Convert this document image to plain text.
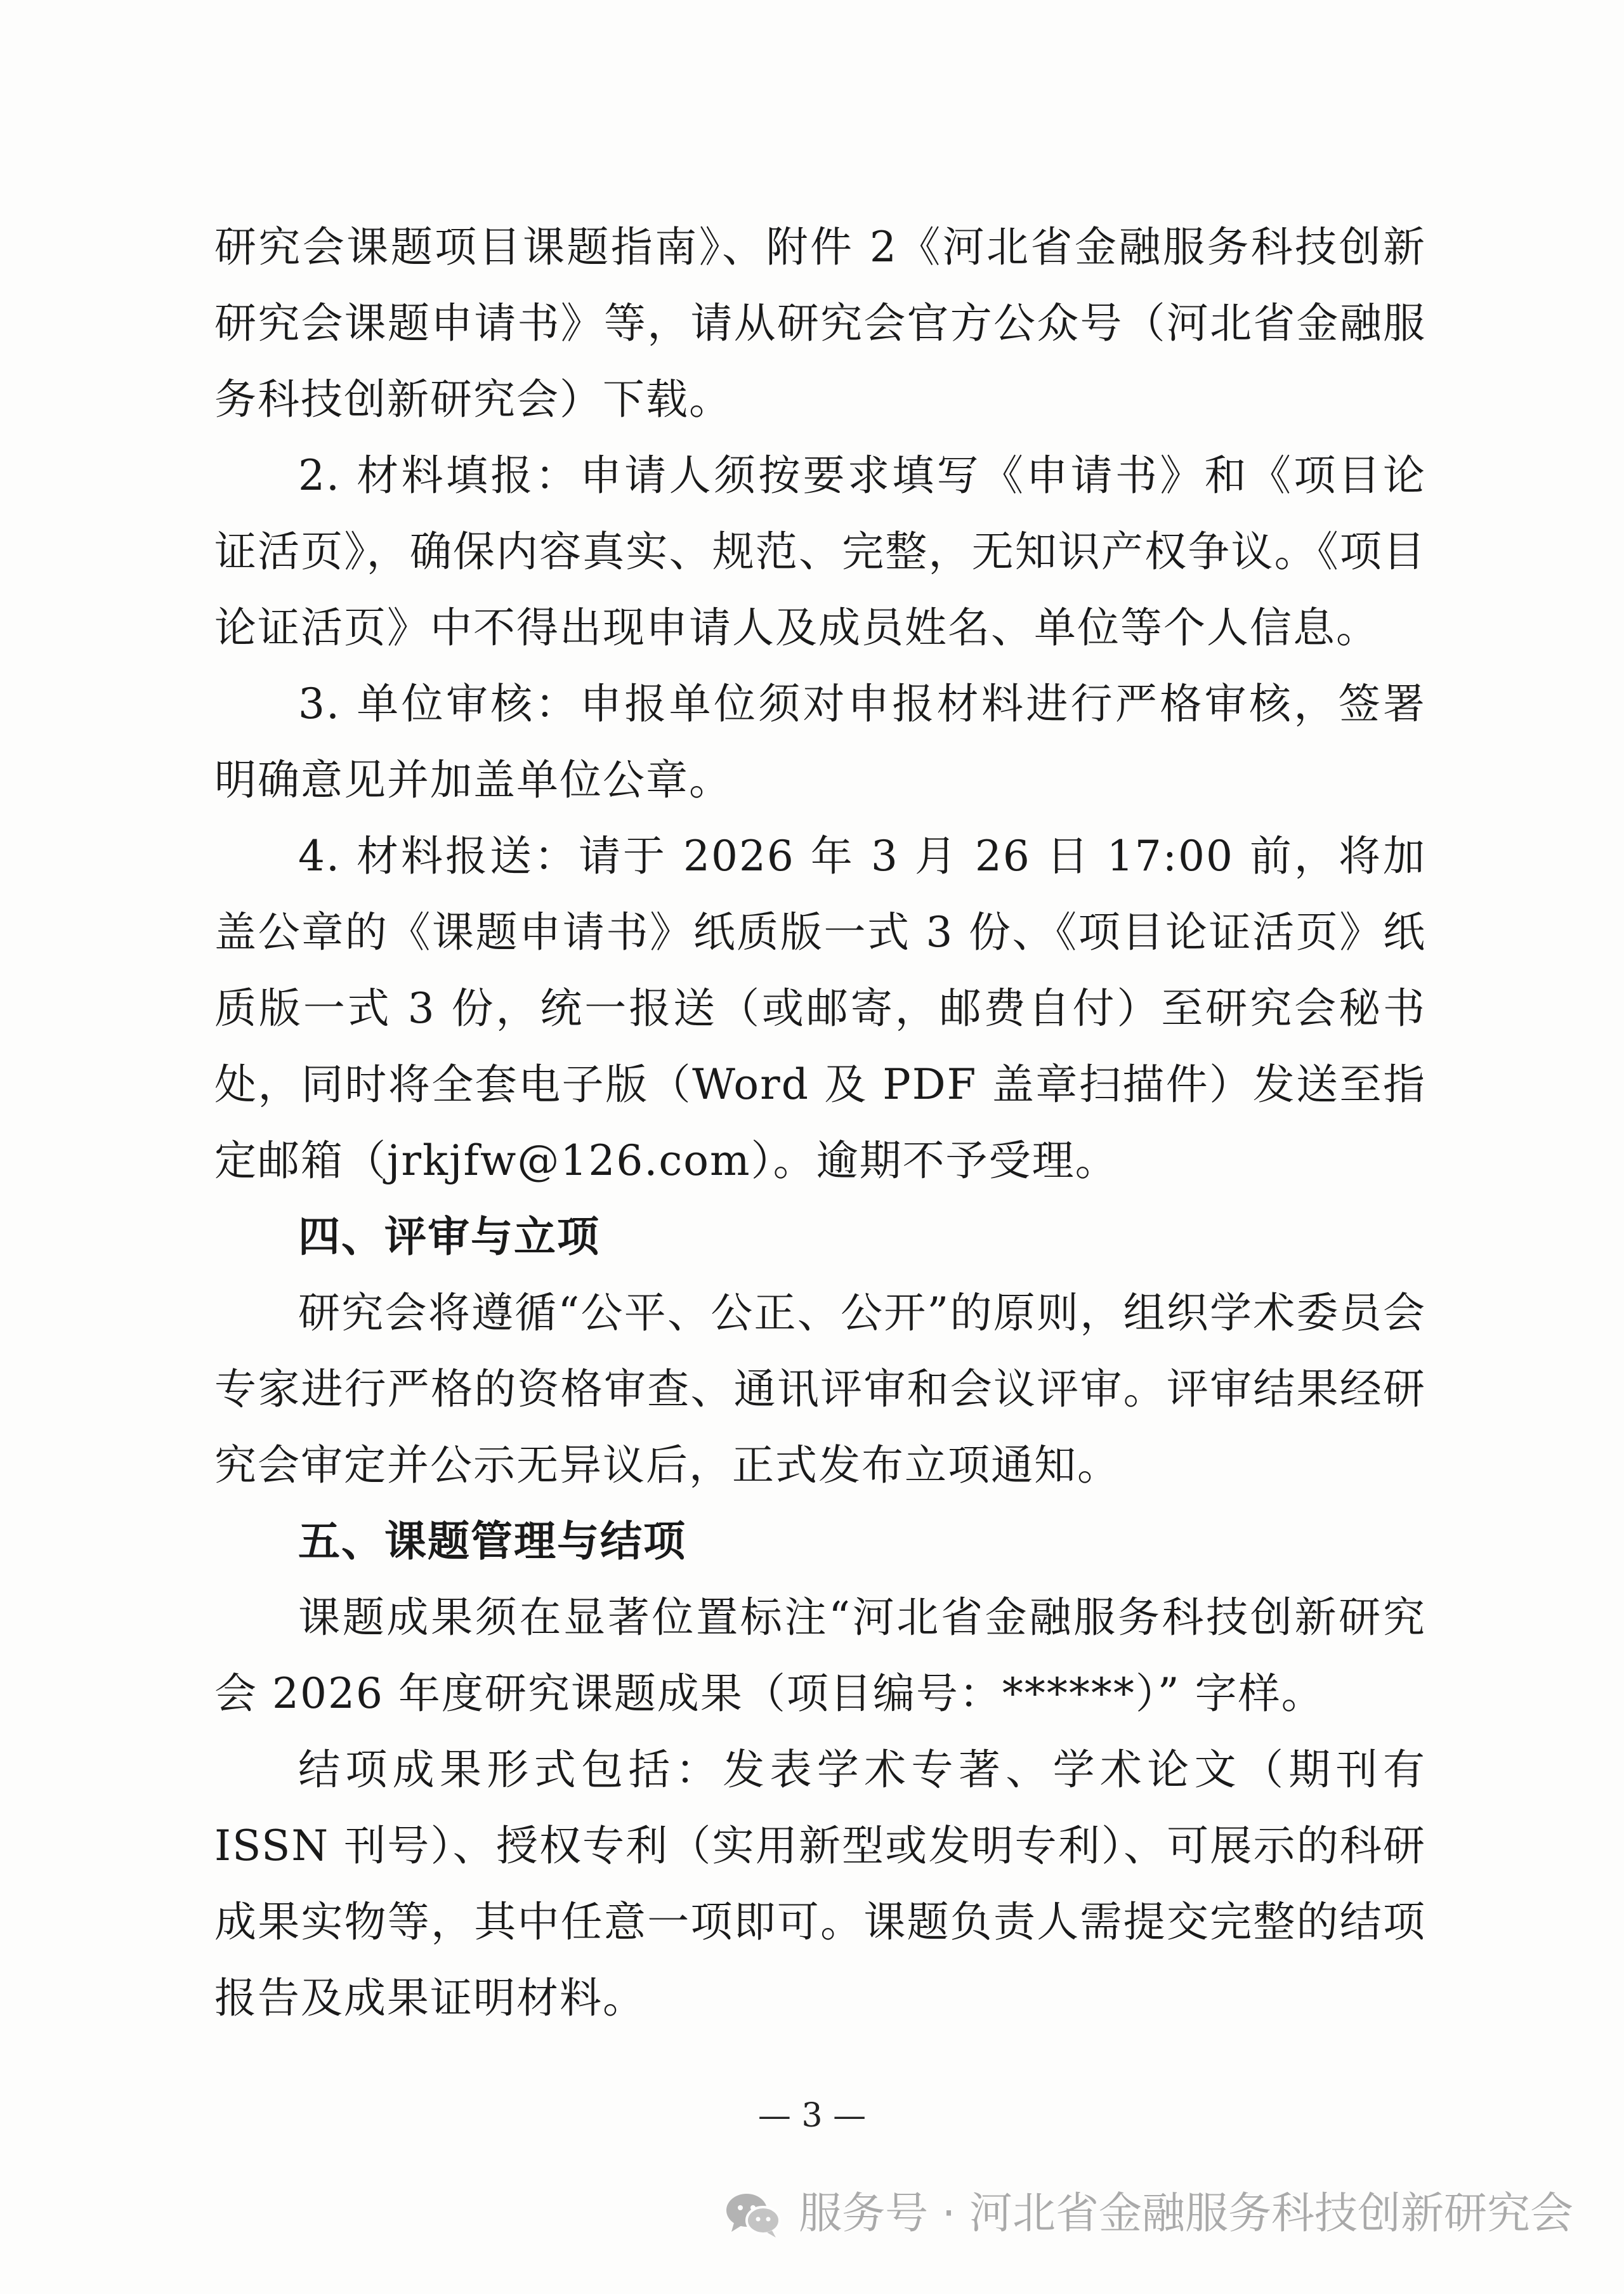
研究会课题项目课题指南》、附件 2《河北省金融服务科技创新研究会课题申请书》等，请从研究会官方公众号（河北省金融服务科技创新研究会）下载。

2. 材料填报：申请人须按要求填写《申请书》和《项目论证活页》，确保内容真实、规范、完整，无知识产权争议。《项目论证活页》中不得出现申请人及成员姓名、单位等个人信息。

3. 单位审核：申报单位须对申报材料进行严格审核，签署明确意见并加盖单位公章。

4. 材料报送：请于 2026 年 3 月 26 日 17:00 前，将加盖公章的《课题申请书》纸质版一式 3 份、《项目论证活页》纸质版一式 3 份，统一报送（或邮寄，邮费自付）至研究会秘书处，同时将全套电子版（Word 及 PDF 盖章扫描件）发送至指定邮箱（jrkjfw@126.com）。逾期不予受理。

四、评审与立项

研究会将遵循“公平、公正、公开”的原则，组织学术委员会专家进行严格的资格审查、通讯评审和会议评审。评审结果经研究会审定并公示无异议后，正式发布立项通知。

五、课题管理与结项

课题成果须在显著位置标注“河北省金融服务科技创新研究会 2026 年度研究课题成果（项目编号：******）” 字样。

结项成果形式包括：发表学术专著、学术论文（期刊有 ISSN 刊号）、授权专利（实用新型或发明专利）、可展示的科研成果实物等，其中任意一项即可。课题负责人需提交完整的结项报告及成果证明材料。

— 3 —
服务号 · 河北省金融服务科技创新研究会
